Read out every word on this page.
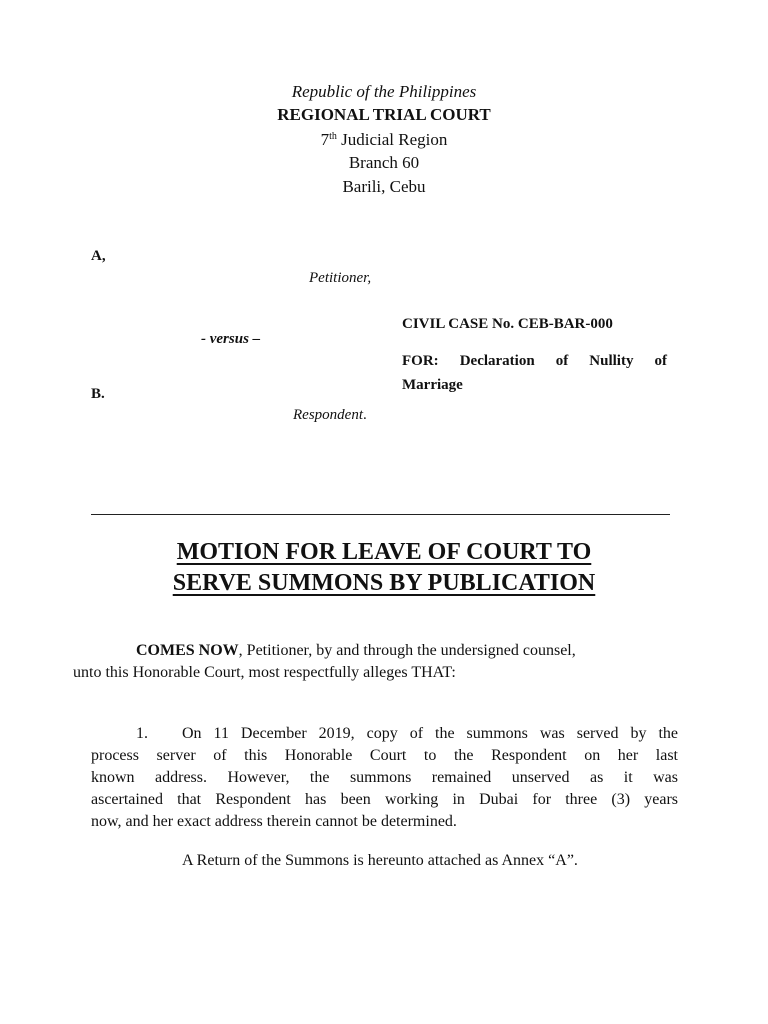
Republic of the Philippines
REGIONAL TRIAL COURT
7th Judicial Region
Branch 60
Barili, Cebu
A,
Petitioner,
- versus –
B.
Respondent.
CIVIL CASE No. CEB-BAR-000
FOR: Declaration of Nullity of
Marriage
MOTION FOR LEAVE OF COURT TO
SERVE SUMMONS BY PUBLICATION
COMES NOW, Petitioner, by and through the undersigned counsel,
unto this Honorable Court, most respectfully alleges THAT:
1. On 11 December 2019, copy of the summons was served by the
process server of this Honorable Court to the Respondent on her last
known address. However, the summons remained unserved as it was
ascertained that Respondent has been working in Dubai for three (3) years
now, and her exact address therein cannot be determined.
A Return of the Summons is hereunto attached as Annex “A”.
